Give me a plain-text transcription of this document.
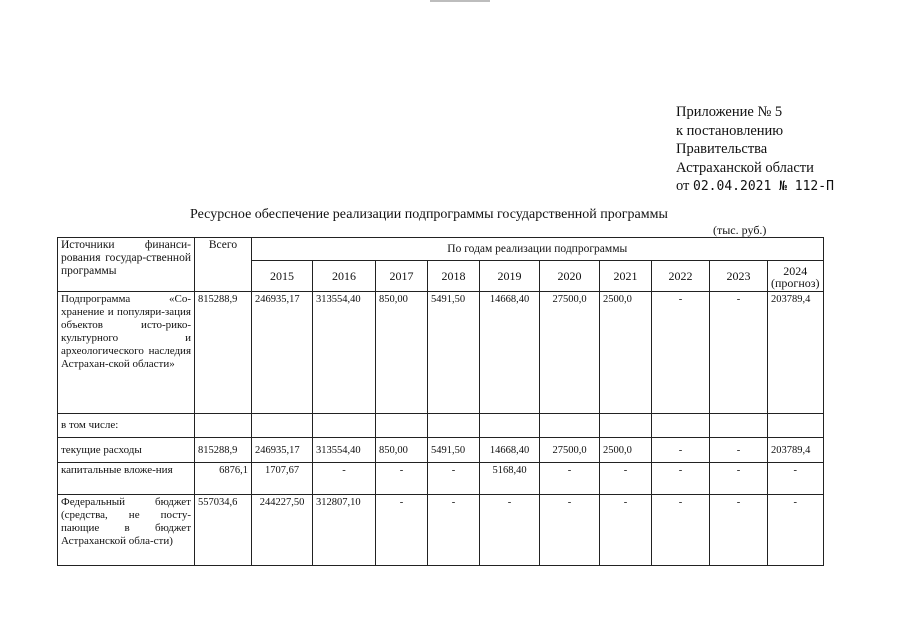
Приложение № 5
к постановлению
Правительства
Астраханской области
от 02.04.2021 № 112-П
Ресурсное обеспечение реализации подпрограммы государственной программы
(тыс. руб.)
Источники финанси-рования государ-ственной программы	Всего	По годам реализации подпрограммы									
		2015	2016	2017	2018	2019	2020	2021	2022	2023	2024
(прогноз)

Подпрограмма «Со-хранение и популяри-зация объектов исто-рико-культурного и археологического наследия Астрахан-ской области»	815288,9	246935,17	313554,40	850,00	5491,50	14668,40	27500,0	2500,0	-	-	203789,4
в том числе:											
текущие расходы	815288,9	246935,17	313554,40	850,00	5491,50	14668,40	27500,0	2500,0	-	-	203789,4

капитальные вложе-ния	6876,1	1707,67	-	-	-	5168,40	-	-	-	-	-

Федеральный бюджет (средства, не посту-пающие в бюджет Астраханской обла-сти)	557034,6	244227,50	312807,10	-	-	-	-	-	-	-	-
